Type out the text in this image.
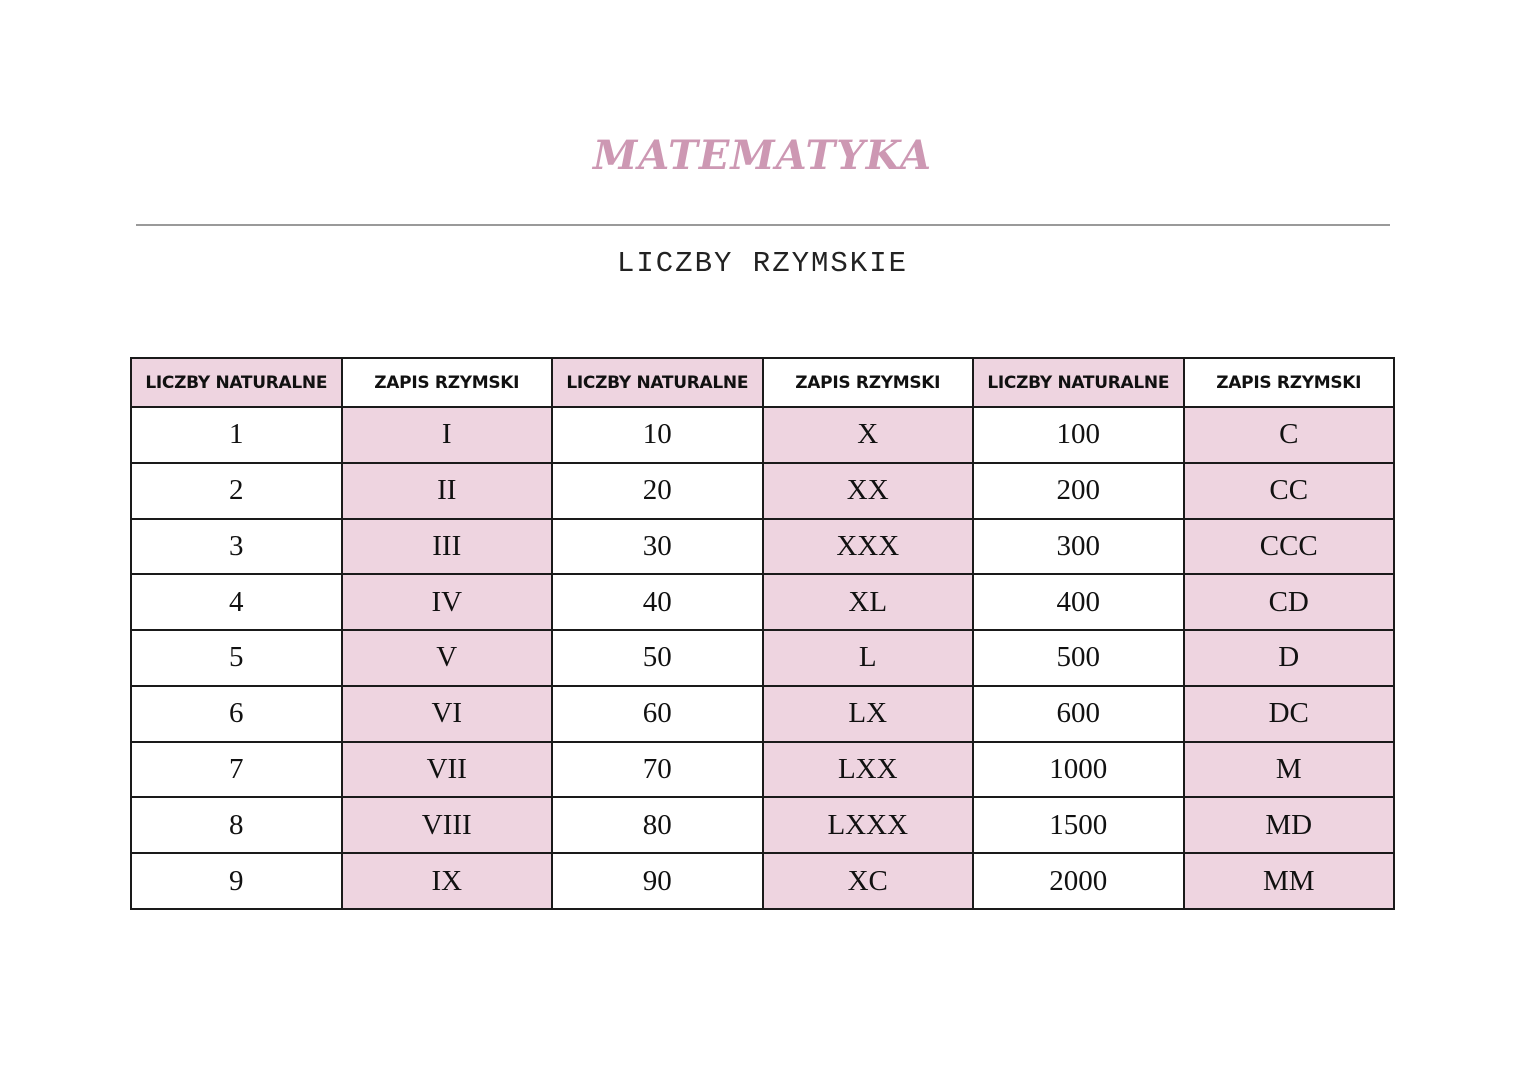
MATEMATYKA
LICZBY RZYMSKIE
LICZBY NATURALNE	ZAPIS RZYMSKI	LICZBY NATURALNE	ZAPIS RZYMSKI	LICZBY NATURALNE	ZAPIS RZYMSKI
1	I	10	X	100	C
2	II	20	XX	200	CC
3	III	30	XXX	300	CCC
4	IV	40	XL	400	CD
5	V	50	L	500	D
6	VI	60	LX	600	DC
7	VII	70	LXX	1000	M
8	VIII	80	LXXX	1500	MD
9	IX	90	XC	2000	MM
